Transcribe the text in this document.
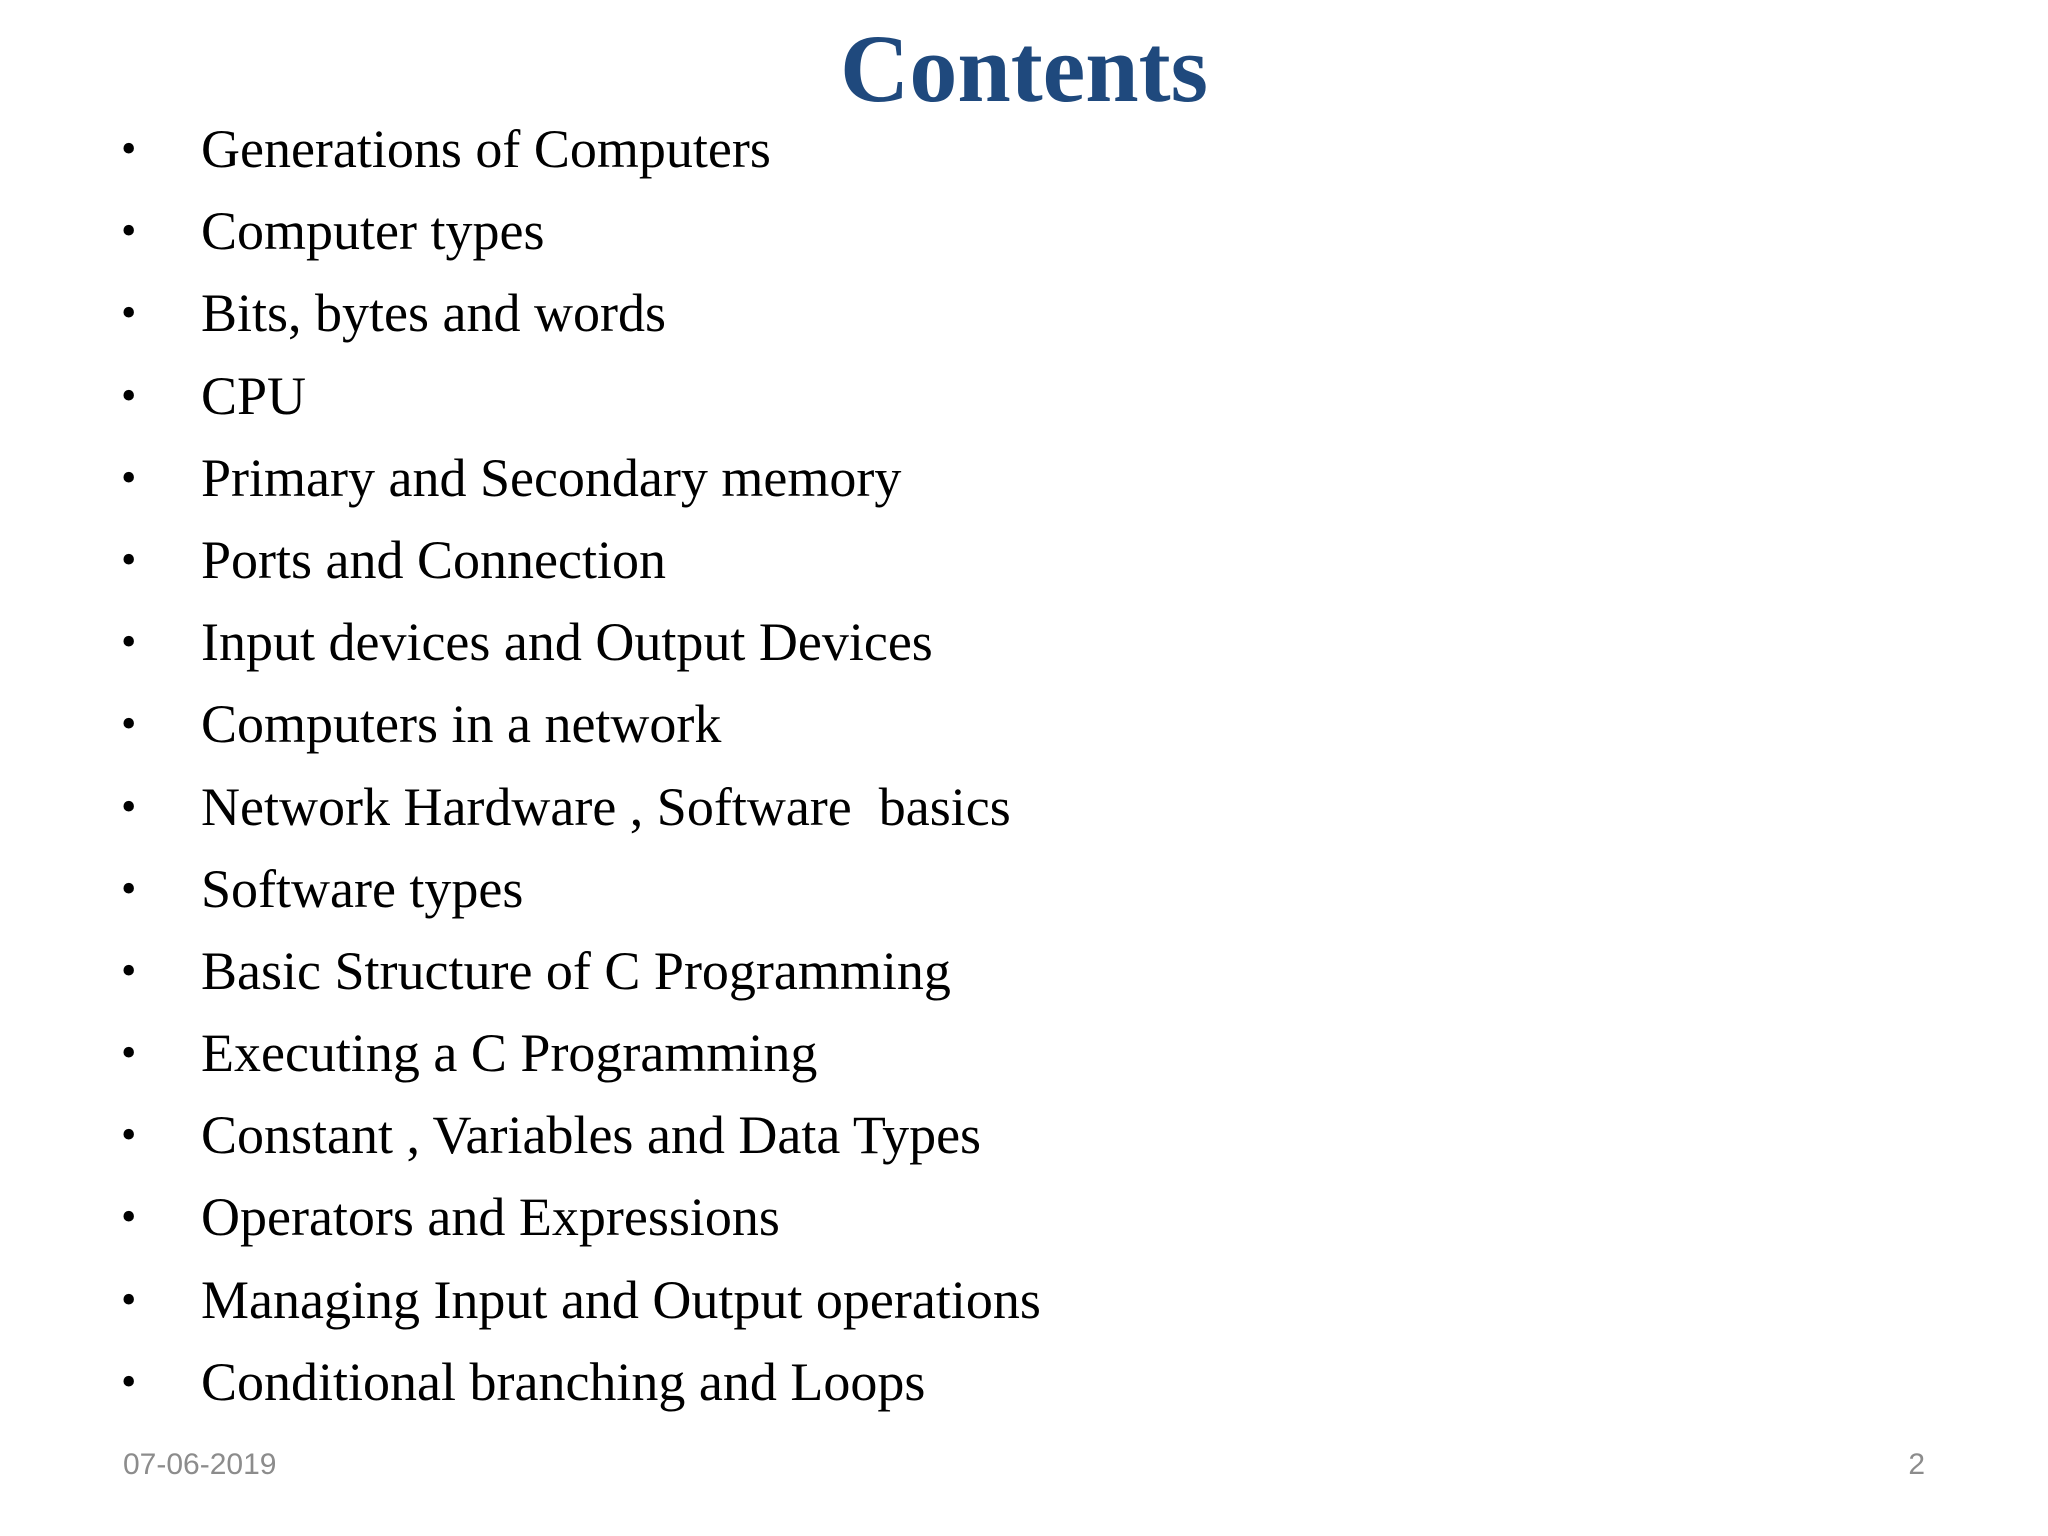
Contents
• Generations of Computers
• Computer types
• Bits, bytes and words
• CPU
• Primary and Secondary memory
• Ports and Connection
• Input devices and Output Devices
• Computers in a network
• Network Hardware , Software  basics
• Software types
• Basic Structure of C Programming
• Executing a C Programming
• Constant , Variables and Data Types
• Operators and Expressions
• Managing Input and Output operations
• Conditional branching and Loops
07-06-2019	2
